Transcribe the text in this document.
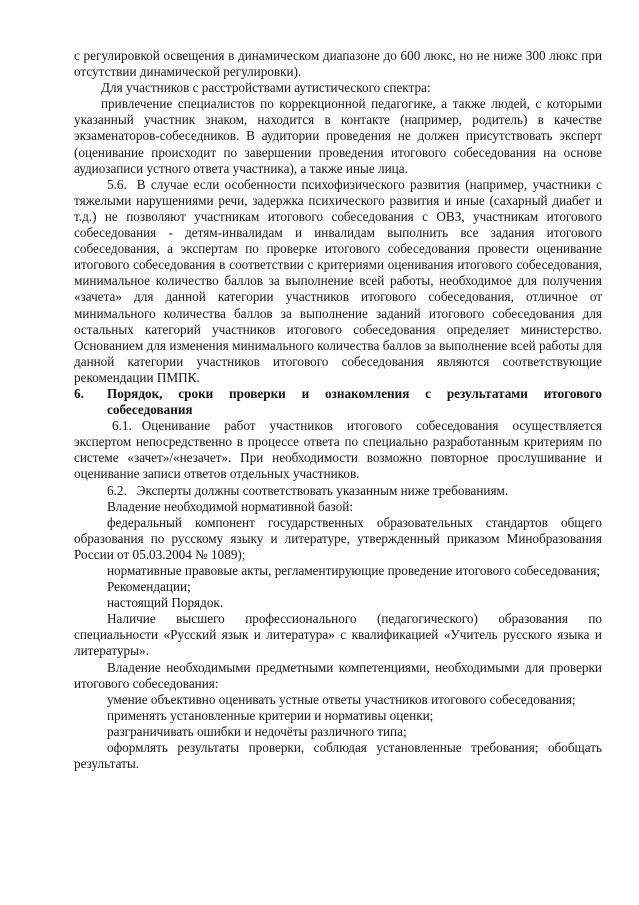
с регулировкой освещения в динамическом диапазоне до 600 люкс, но не ниже 300 люкс при отсутствии динамической регулировки).

Для участников с расстройствами аутистического спектра:

привлечение специалистов по коррекционной педагогике, а также людей, с которыми указанный участник знаком, находится в контакте (например, родитель) в качестве экзаменаторов-собеседников. В аудитории проведения не должен присутствовать эксперт (оценивание происходит по завершении проведения итогового собеседования на основе аудиозаписи устного ответа участника), а также иные лица.

5.6. В случае если особенности психофизического развития (например, участники с тяжелыми нарушениями речи, задержка психического развития и иные (сахарный диабет и т.д.) не позволяют участникам итогового собеседования с ОВЗ, участникам итогового собеседования - детям-инвалидам и инвалидам выполнить все задания итогового собеседования, а экспертам по проверке итогового собеседования провести оценивание итогового собеседования в соответствии с критериями оценивания итогового собеседования, минимальное количество баллов за выполнение всей работы, необходимое для получения «зачета» для данной категории участников итогового собеседования, отличное от минимального количества баллов за выполнение заданий итогового собеседования для остальных категорий участников итогового собеседования определяет министерство. Основанием для изменения минимального количества баллов за выполнение всей работы для данной категории участников итогового собеседования являются соответствующие рекомендации ПМПК.

6.	Порядок, сроки проверки и ознакомления с результатами итогового собеседования

6.1. Оценивание работ участников итогового собеседования осуществляется экспертом непосредственно в процессе ответа по специально разработанным критериям по системе «зачет»/«незачет». При необходимости возможно повторное прослушивание и оценивание записи ответов отдельных участников.

6.2. Эксперты должны соответствовать указанным ниже требованиям.

Владение необходимой нормативной базой:

федеральный компонент государственных образовательных стандартов общего образования по русскому языку и литературе, утвержденный приказом Минобразования России от 05.03.2004 № 1089);

нормативные правовые акты, регламентирующие проведение итогового собеседования;

Рекомендации;

настоящий Порядок.

Наличие высшего профессионального (педагогического) образования по специальности «Русский язык и литература» с квалификацией «Учитель русского языка и литературы».

Владение необходимыми предметными компетенциями, необходимыми для проверки итогового собеседования:

умение объективно оценивать устные ответы участников итогового собеседования;

применять установленные критерии и нормативы оценки;

разграничивать ошибки и недочёты различного типа;

оформлять результаты проверки, соблюдая установленные требования; обобщать результаты.
